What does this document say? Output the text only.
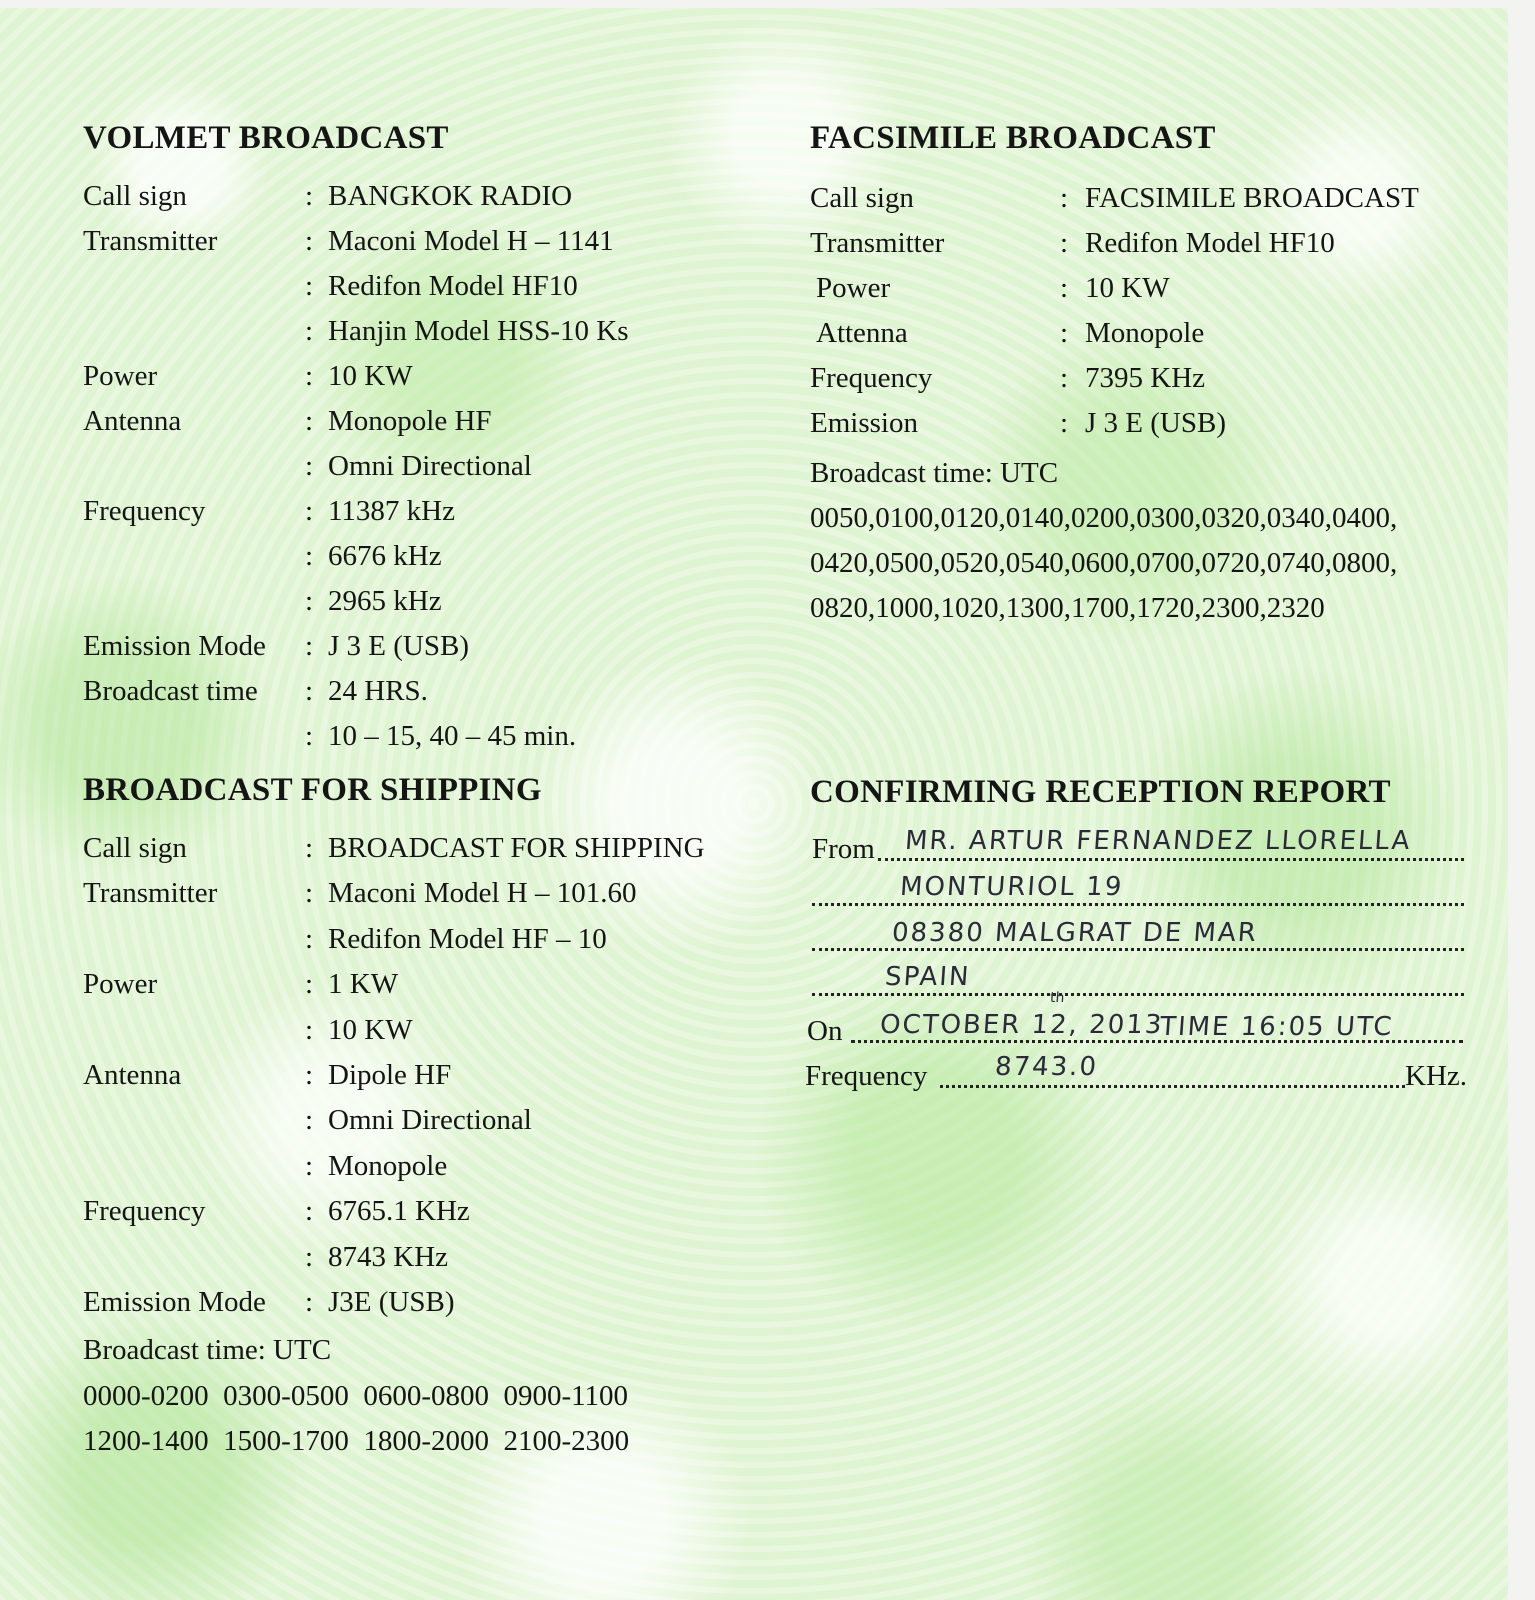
VOLMET BROADCAST
Call sign	: BANGKOK RADIO
Transmitter	: Maconi Model H – 1141
: Redifon Model HF10
: Hanjin Model HSS-10 Ks
Power	: 10 KW
Antenna	: Monopole HF
: Omni Directional
Frequency	: 11387 kHz
: 6676 kHz
: 2965 kHz
Emission Mode : J 3 E (USB)
Broadcast time : 24 HRS.
: 10 – 15, 40 – 45 min.
FACSIMILE BROADCAST
Call sign	: FACSIMILE BROADCAST
Transmitter	: Redifon Model HF10
Power	: 10 KW
Attenna	: Monopole
Frequency	: 7395 KHz
Emission	: J 3 E (USB)
Broadcast time: UTC
0050,0100,0120,0140,0200,0300,0320,0340,0400,
0420,0500,0520,0540,0600,0700,0720,0740,0800,
0820,1000,1020,1300,1700,1720,2300,2320
BROADCAST FOR SHIPPING
Call sign	: BROADCAST FOR SHIPPING
Transmitter	: Maconi Model H – 101.60
: Redifon Model HF – 10
Power	: 1 KW
: 10 KW
Antenna	: Dipole HF
: Omni Directional
: Monopole
Frequency	: 6765.1 KHz
: 8743 KHz
Emission Mode : J3E (USB)
Broadcast time: UTC
0000-0200  0300-0500  0600-0800  0900-1100
1200-1400  1500-1700  1800-2000  2100-2300
CONFIRMING RECEPTION REPORT
From MR. ARTUR FERNANDEZ LLORELLA
MONTURIOL 19
08380 MALGRAT DE MAR
SPAIN
On
th
OCTOBER 12, 2013
TIME 16:05 UTC
Frequency	8743.0	KHz.
